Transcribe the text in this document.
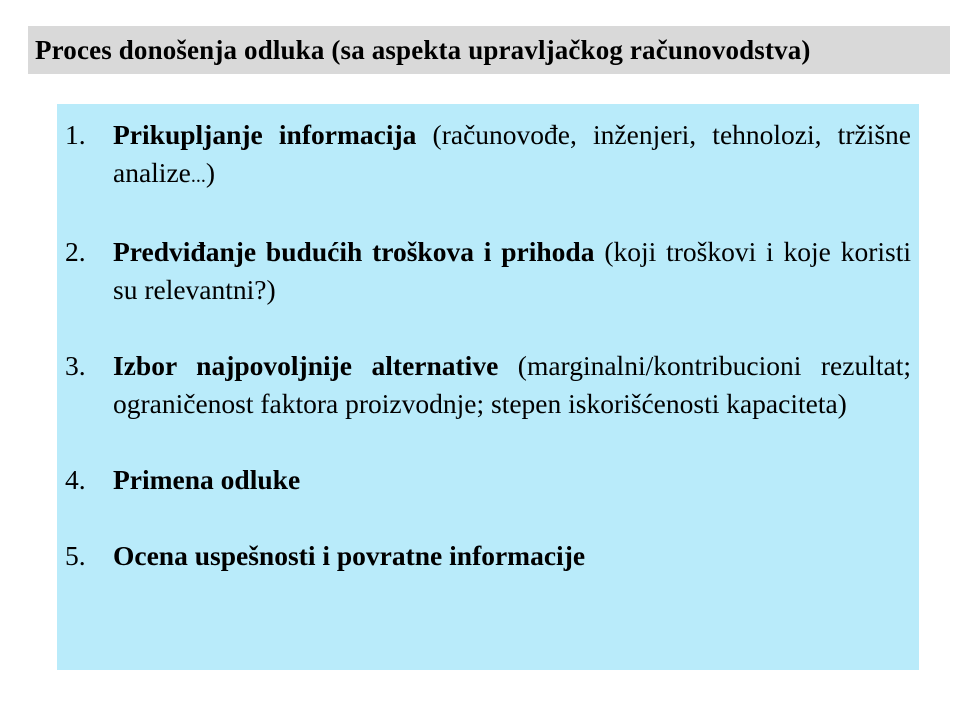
Proces donošenja odluka (sa aspekta upravljačkog računovodstva)
1. Prikupljanje informacija (računovođe, inženjeri, tehnolozi, tržišne analize...)
2. Predviđanje budućih troškova i prihoda (koji troškovi i koje koristi su relevantni?)
3. Izbor najpovoljnije alternative (marginalni/kontribucioni rezultat; ograničenost faktora proizvodnje; stepen iskorišćenosti kapaciteta)
4. Primena odluke
5. Ocena uspešnosti i povratne informacije
